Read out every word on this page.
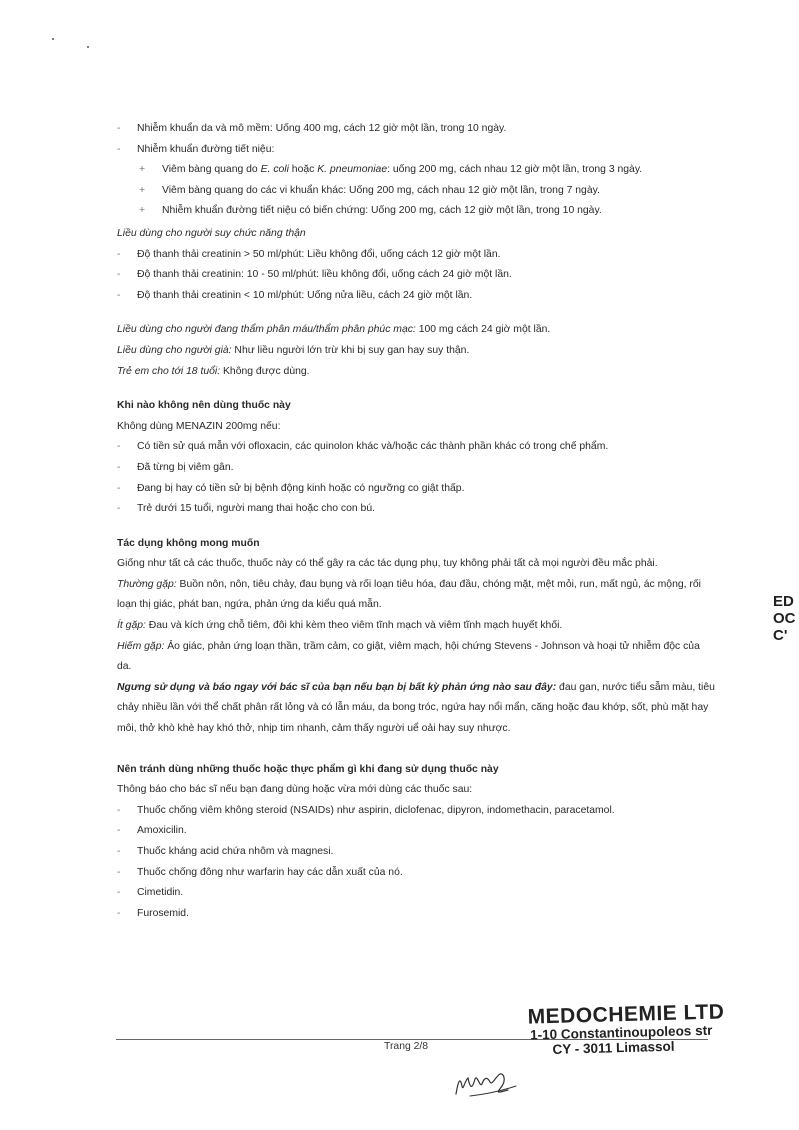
- Nhiễm khuẩn da và mô mềm: Uống 400 mg, cách 12 giờ một lần, trong 10 ngày.
- Nhiễm khuẩn đường tiết niệu:
+ Viêm bàng quang do E. coli hoặc K. pneumoniae: uống 200 mg, cách nhau 12 giờ một lần, trong 3 ngày.
+ Viêm bàng quang do các vi khuẩn khác: Uống 200 mg, cách nhau 12 giờ một lần, trong 7 ngày.
+ Nhiễm khuẩn đường tiết niệu có biến chứng: Uống 200 mg, cách 12 giờ một lần, trong 10 ngày.
Liều dùng cho người suy chức năng thận
- Độ thanh thải creatinin > 50 ml/phút: Liều không đổi, uống cách 12 giờ một lần.
- Độ thanh thải creatinin: 10 - 50 ml/phút: liều không đổi, uống cách 24 giờ một lần.
- Độ thanh thải creatinin < 10 ml/phút: Uống nửa liều, cách 24 giờ một lần.
Liều dùng cho người đang thẩm phân máu/thẩm phân phúc mạc: 100 mg cách 24 giờ một lần.
Liều dùng cho người già: Như liều người lớn trừ khi bị suy gan hay suy thận.
Trẻ em cho tới 18 tuổi: Không được dùng.
Khi nào không nên dùng thuốc này
Không dùng MENAZIN 200mg nếu:
- Có tiền sử quá mẫn với ofloxacin, các quinolon khác và/hoặc các thành phần khác có trong chế phẩm.
- Đã từng bị viêm gân.
- Đang bị hay có tiền sử bị bệnh động kinh hoặc có ngưỡng co giật thấp.
- Trẻ dưới 15 tuổi, người mang thai hoặc cho con bú.
Tác dụng không mong muốn
Giống như tất cả các thuốc, thuốc này có thể gây ra các tác dụng phụ, tuy không phải tất cả mọi người đều mắc phải.
Thường gặp: Buồn nôn, nôn, tiêu chảy, đau bụng và rối loạn tiêu hóa, đau đầu, chóng mặt, mệt mỏi, run, mất ngủ, ác mộng, rối loạn thị giác, phát ban, ngứa, phản ứng da kiểu quá mẫn.
Ít gặp: Đau và kích ứng chỗ tiêm, đôi khi kèm theo viêm tĩnh mạch và viêm tĩnh mạch huyết khối.
Hiếm gặp: Ảo giác, phản ứng loạn thần, trầm cảm, co giật, viêm mạch, hội chứng Stevens - Johnson và hoại tử nhiễm độc của da.
Ngưng sử dụng và báo ngay với bác sĩ của bạn nếu bạn bị bất kỳ phản ứng nào sau đây: đau gan, nước tiểu sẫm màu, tiêu chảy nhiều lần với thể chất phân rất lỏng và có lẫn máu, da bong tróc, ngứa hay nổi mẩn, căng hoặc đau khớp, sốt, phù mặt hay môi, thở khò khè hay khó thở, nhịp tim nhanh, cảm thấy người uể oải hay suy nhược.
Nên tránh dùng những thuốc hoặc thực phẩm gì khi đang sử dụng thuốc này
Thông báo cho bác sĩ nếu bạn đang dùng hoặc vừa mới dùng các thuốc sau:
- Thuốc chống viêm không steroid (NSAIDs) như aspirin, diclofenac, dipyron, indomethacin, paracetamol.
- Amoxicilin.
- Thuốc kháng acid chứa nhôm và magnesi.
- Thuốc chống đông như warfarin hay các dẫn xuất của nó.
- Cimetidin.
- Furosemid.
Trang 2/8
MEDOCHEMIE LTD
1-10 Constantinoupoleos str
CY - 3011 Limassol
ED
OC
C'
